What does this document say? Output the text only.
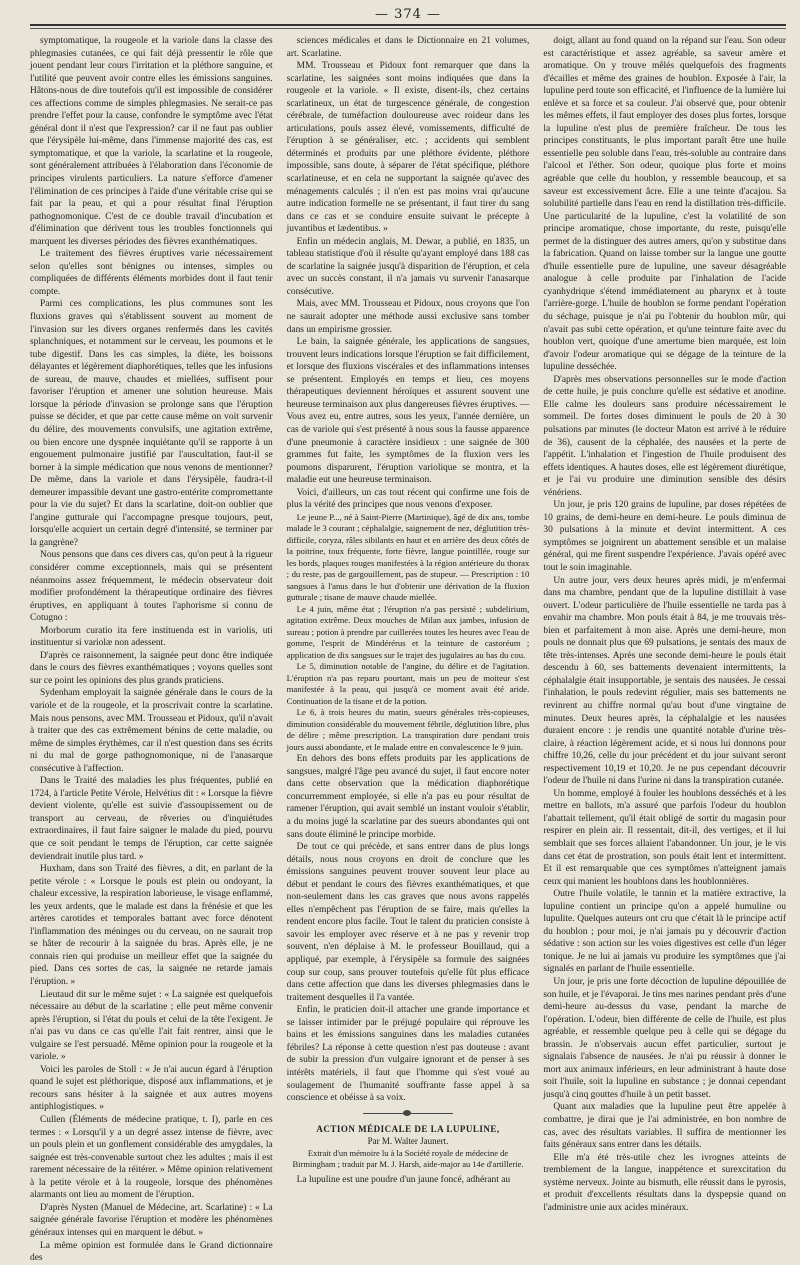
— 374 —

symptomatique, la rougeole et la variole dans la classe des phlegmasies cutanées, ce qui fait déjà pressentir le rôle que jouent pendant leur cours l'irritation et la pléthore sanguine, et l'utilité que peuvent avoir contre elles les émissions sanguines. Hâtons-nous de dire toutefois qu'il est impossible de considérer ces affections comme de simples phlegmasies. Ne serait-ce pas prendre l'effet pour la cause, confondre le symptôme avec l'état général dont il n'est que l'expression? car il ne faut pas oublier que l'érysipèle lui-même, dans l'immense majorité des cas, est symptomatique, et que la variole, la scarlatine et la rougeole, sont généralement attribuées à l'élaboration dans l'économie de principes virulents particuliers. La nature s'efforce d'amener l'élimination de ces principes à l'aide d'une véritable crise qui se fait par la peau, et qui a pour résultat final l'éruption pathognomonique. C'est de ce double travail d'incubation et d'élimination que dérivent tous les troubles fonctionnels qui marquent les diverses périodes des fièvres exanthématiques.

Le traitement des fièvres éruptives varie nécessairement selon qu'elles sont bénignes ou intenses, simples ou compliquées de différents éléments morbides dont il faut tenir compte.

Parmi ces complications, les plus communes sont les fluxions graves qui s'établissent souvent au moment de l'invasion sur les divers organes renfermés dans les cavités splanchniques, et notamment sur le cerveau, les poumons et le tube digestif. Dans les cas simples, la diète, les boissons délayantes et légèrement diaphorétiques, telles que les infusions de sureau, de mauve, chaudes et miellées, suffisent pour favoriser l'éruption et amener une solution heureuse. Mais lorsque la période d'invasion se prolonge sans que l'éruption puisse se décider, et que par cette cause même on voit survenir du délire, des mouvements convulsifs, une agitation extrême, ou bien encore une dyspnée inquiétante qu'il se rapporte à un engouement pulmonaire justifié par l'auscultation, faut-il se borner à la simple médication que nous venons de mentionner? De même, dans la variole et dans l'érysipèle, faudra-t-il demeurer impassible devant une gastro-entérite compromettante pour la vie du sujet? Et dans la scarlatine, doit-on oublier que l'angine gutturale qui l'accompagne presque toujours, peut, lorsqu'elle acquiert un certain degré d'intensité, se terminer par la gangrène?

Nous pensons que dans ces divers cas, qu'on peut à la rigueur considérer comme exceptionnels, mais qui se présentent néanmoins assez fréquemment, le médecin observateur doit modifier profondément la thérapeutique ordinaire des fièvres éruptives, en appliquant à toutes l'aphorisme si connu de Cotugno :

Morborum curatio ita fere instituenda est in variolis, uti instituentur si variolæ non adessent.

D'après ce raisonnement, la saignée peut donc être indiquée dans le cours des fièvres exanthématiques ; voyons quelles sont sur ce point les opinions des plus grands praticiens.

Sydenham employait la saignée générale dans le cours de la variole et de la rougeole, et la proscrivait contre la scarlatine. Mais nous pensons, avec MM. Trousseau et Pidoux, qu'il n'avait à traiter que des cas extrêmement bénins de cette maladie, ou même de simples érythèmes, car il n'est question dans ses écrits ni du mal de gorge pathognomonique, ni de l'anasarque consécutive à l'affection.

Dans le Traité des maladies les plus fréquentes, publié en 1724, à l'article Petite Vérole, Helvétius dit : « Lorsque la fièvre devient violente, qu'elle est suivie d'assoupissement ou de transport au cerveau, de rêveries ou d'inquiétudes extraordinaires, il faut faire saigner le malade du pied, pourvu que ce soit pendant le temps de l'éruption, car cette saignée deviendrait inutile plus tard. »

Huxham, dans son Traité des fièvres, a dit, en parlant de la petite vérole : « Lorsque le pouls est plein ou ondoyant, la chaleur excessive, la respiration laborieuse, le visage enflammé, les yeux ardents, que le malade est dans la frénésie et que les artères carotides et temporales battant avec force dénotent l'inflammation des méninges ou du cerveau, on ne saurait trop se hâter de recourir à la saignée du bras. Après elle, je ne connais rien qui produise un meilleur effet que la saignée du pied. Dans ces sortes de cas, la saignée ne retarde jamais l'éruption. »

Lieutaud dit sur le même sujet : « La saignée est quelquefois nécessaire au début de la scarlatine ; elle peut même convenir après l'éruption, si l'état du pouls et celui de la tête l'exigent. Je n'ai pas vu dans ce cas qu'elle l'ait fait rentrer, ainsi que le vulgaire se l'est persuadé. Même opinion pour la rougeole et la variole. »

Voici les paroles de Stoll : « Je n'ai aucun égard à l'éruption quand le sujet est pléthorique, disposé aux inflammations, et je recours sans hésiter à la saignée et aux autres moyens antiphlogistiques. »

Cullen (Éléments de médecine pratique, t. I), parle en ces termes : « Lorsqu'il y a un degré assez intense de fièvre, avec un pouls plein et un gonflement considérable des amygdales, la saignée est très-convenable surtout chez les adultes ; mais il est rarement nécessaire de la réitérer. » Même opinion relativement à la petite vérole et à la rougeole, lorsque des phénomènes alarmants ont lieu au moment de l'éruption.

D'après Nysten (Manuel de Médecine, art. Scarlatine) : « La saignée générale favorise l'éruption et modère les phénomènes généraux intenses qui en marquent le début. »

La même opinion est formulée dans le Grand dictionnaire des

sciences médicales et dans le Dictionnaire en 21 volumes, art. Scarlatine.

MM. Trousseau et Pidoux font remarquer que dans la scarlatine, les saignées sont moins indiquées que dans la rougeole et la variole. « Il existe, disent-ils, chez certains scarlatineux, un état de turgescence générale, de congestion cérébrale, de tuméfaction douloureuse avec roideur dans les articulations, pouls assez élevé, vomissements, difficulté de l'éruption à se généraliser, etc. ; accidents qui semblent déterminés et produits par une pléthore évidente, pléthore impossible, sans doute, à séparer de l'état spécifique, pléthore scarlatineuse, et en cela ne supportant la saignée qu'avec des ménagements calculés ; il n'en est pas moins vrai qu'aucune autre indication formelle ne se présentant, il faut tirer du sang dans ce cas et se conduire ensuite suivant le précepte à juvantibus et lædentibus. »

Enfin un médecin anglais, M. Dewar, a publié, en 1835, un tableau statistique d'où il résulte qu'ayant employé dans 188 cas de scarlatine la saignée jusqu'à disparition de l'éruption, et cela avec un succès constant, il n'a jamais vu survenir l'anasarque consécutive.

Mais, avec MM. Trousseau et Pidoux, nous croyons que l'on ne saurait adopter une méthode aussi exclusive sans tomber dans un empirisme grossier.

Le bain, la saignée générale, les applications de sangsues, trouvent leurs indications lorsque l'éruption se fait difficilement, et lorsque des fluxions viscérales et des inflammations intenses se présentent. Employés en temps et lieu, ces moyens thérapeutiques deviennent héroïques et assurent souvent une heureuse terminaison aux plus dangereuses fièvres éruptives. — Vous avez eu, entre autres, sous les yeux, l'année dernière, un cas de variole qui s'est présenté à nous sous la fausse apparence d'une pneumonie à caractère insidieux : une saignée de 300 grammes fut faite, les symptômes de la fluxion vers les poumons disparurent, l'éruption variolique se montra, et la maladie eut une heureuse terminaison.

Voici, d'ailleurs, un cas tout récent qui confirme une fois de plus la vérité des principes que nous venons d'exposer.

Le jeune P..., né à Saint-Pierre (Martinique), âgé de dix ans, tombe malade le 3 courant ; céphalalgie, saignement de nez, déglutition très-difficile, coryza, râles sibilants en haut et en arrière des deux côtés de la poitrine, toux fréquente, forte fièvre, langue pointillée, rouge sur les bords, plaques rouges manifestées à la région antérieure du thorax ; du reste, pas de gargouillement, pas de stupeur. — Prescription : 10 sangsues à l'anus dans le but d'obtenir une dérivation de la fluxion gutturale ; tisane de mauve chaude miellée.

Le 4 juin, même état ; l'éruption n'a pas persisté ; subdelirium, agitation extrême. Deux mouches de Milan aux jambes, infusion de sureau ; potion à prendre par cuillerées toutes les heures avec l'eau de gomme, l'esprit de Mindérérus et la teinture de castoréum ; application de dix sangsues sur le trajet des jugulaires au bas du cou.

Le 5, diminution notable de l'angine, du délire et de l'agitation. L'éruption n'a pas reparu pourtant, mais un peu de moiteur s'est manifestée à la peau, qui jusqu'à ce moment avait été aride. Continuation de la tisane et de la potion.

Le 6, à trois heures du matin, sueurs générales très-copieuses, diminution considérable du mouvement fébrile, déglutition libre, plus de délire ; même prescription. La transpiration dure pendant trois jours aussi abondante, et le malade entre en convalescence le 9 juin.

En dehors des bons effets produits par les applications de sangsues, malgré l'âge peu avancé du sujet, il faut encore noter dans cette observation que la médication diaphorétique concurremment employée, si elle n'a pas eu pour résultat de ramener l'éruption, qui avait semblé un instant vouloir s'établir, a du moins jugé la scarlatine par des sueurs abondantes qui ont sans doute éliminé le principe morbide.

De tout ce qui précède, et sans entrer dans de plus longs détails, nous nous croyons en droit de conclure que les émissions sanguines peuvent trouver souvent leur place au début et pendant le cours des fièvres exanthématiques, et que non-seulement dans les cas graves que nous avons rappelés elles n'empêchent pas l'éruption de se faire, mais qu'elles la rendent encore plus facile. Tout le talent du praticien consiste à savoir les employer avec réserve et à ne pas y revenir trop souvent, n'en déplaise à M. le professeur Bouillaud, qui a appliqué, par exemple, à l'érysipèle sa formule des saignées coup sur coup, sans prouver toutefois qu'elle fût plus efficace dans cette affection que dans les diverses phlegmasies dans le traitement desquelles il l'a vantée.

Enfin, le praticien doit-il attacher une grande importance et se laisser intimider par le préjugé populaire qui réprouve les bains et les émissions sanguines dans les maladies cutanées fébriles? La réponse à cette question n'est pas douteuse : avant de subir la pression d'un vulgaire ignorant et de penser à ses intérêts matériels, il faut que l'homme qui s'est voué au soulagement de l'humanité souffrante fasse appel à sa conscience et obéisse à sa voix.

ACTION MÉDICALE DE LA LUPULINE,

Par M. Walter Jaunert.

Extrait d'un mémoire lu à la Société royale de médecine de Birmingham ; traduit par M. J. Harsh, aide-major au 14e d'artillerie.

La lupuline est une poudre d'un jaune foncé, adhérant au

doigt, allant au fond quand on la répand sur l'eau. Son odeur est caractéristique et assez agréable, sa saveur amère et aromatique. On y trouve mêlés quelquefois des fragments d'écailles et même des graines de houblon. Exposée à l'air, la lupuline perd toute son efficacité, et l'influence de la lumière lui enlève et sa force et sa couleur. J'ai observé que, pour obtenir les mêmes effets, il faut employer des doses plus fortes, lorsque la lupuline n'est plus de première fraîcheur. De tous les principes constituants, le plus important paraît être une huile essentielle peu soluble dans l'eau, très-soluble au contraire dans l'alcool et l'éther. Son odeur, quoique plus forte et moins agréable que celle du houblon, y ressemble beaucoup, et sa saveur est excessivement âcre. Elle a une teinte d'acajou. Sa solubilité partielle dans l'eau en rend la distillation très-difficile. Une particularité de la lupuline, c'est la volatilité de son principe aromatique, chose importante, du reste, puisqu'elle permet de la distinguer des autres amers, qu'on y substitue dans la fabrication. Quand on laisse tomber sur la langue une goutte d'huile essentielle pure de lupuline, une saveur désagréable analogue à celle produite par l'inhalation de l'acide cyanhydrique s'étend immédiatement au pharynx et à toute l'arrière-gorge. L'huile de houblon se forme pendant l'opération du séchage, puisque je n'ai pu l'obtenir du houblon mûr, qui n'avait pas subi cette opération, et qu'une teinture faite avec du houblon vert, quoique d'une amertume bien marquée, est loin d'avoir l'odeur aromatique qui se dégage de la teinture de la lupuline desséchée.

D'après mes observations personnelles sur le mode d'action de cette huile, je puis conclure qu'elle est sédative et anodine. Elle calme les douleurs sans produire nécessairement le sommeil. De fortes doses diminuent le pouls de 20 à 30 pulsations par minutes (le docteur Maton est arrivé à le réduire de 36), causent de la céphalée, des nausées et la perte de l'appétit. L'inhalation et l'ingestion de l'huile produisent des effets identiques. A hautes doses, elle est légèrement diurétique, et je l'ai vu produire une diminution sensible des désirs vénériens.

Un jour, je pris 120 grains de lupuline, par doses répétées de 10 grains, de demi-heure en demi-heure. Le pouls diminua de 30 pulsations à la minute et devint intermittent. A ces symptômes se joignirent un abattement sensible et un malaise général, qui me firent suspendre l'expérience. J'avais opéré avec tout le soin imaginable.

Un autre jour, vers deux heures après midi, je m'enfermai dans ma chambre, pendant que de la lupuline distillait à vase ouvert. L'odeur particulière de l'huile essentielle ne tarda pas à envahir ma chambre. Mon pouls était à 84, je me trouvais très-bien et parfaitement à mon aise. Après une demi-heure, mon pouls ne donnait plus que 69 pulsations, je sentais des maux de tête très-intenses. Après une seconde demi-heure le pouls était descendu à 60, ses battements devenaient intermittents, la céphalalgie était insupportable, je sentais des nausées. Je cessai l'inhalation, le pouls redevint régulier, mais ses battements ne revinrent au chiffre normal qu'au bout d'une vingtaine de minutes. Deux heures après, la céphalalgie et les nausées duraient encore : je rendis une quantité notable d'urine très-claire, à réaction légèrement acide, et si nous lui donnons pour chiffre 10,26, celle du jour précédent et du jour suivant seront respectivement 10,19 et 10,20. Je ne pus cependant découvrir l'odeur de l'huile ni dans l'urine ni dans la transpiration cutanée.

Un homme, employé à fouler les houblons desséchés et à les mettre en ballots, m'a assuré que parfois l'odeur du houblon l'abattait tellement, qu'il était obligé de sortir du magasin pour respirer en plein air. Il ressentait, dit-il, des vertiges, et il lui semblait que ses forces allaient l'abandonner. Un jour, je le vis dans cet état de prostration, son pouls était lent et intermittent. Et il est remarquable que ces symptômes n'atteignent jamais ceux qui manient les houblons dans les houblonnières.

Outre l'huile volatile, le tannin et la matière extractive, la lupuline contient un principe qu'on a appelé humuline ou lupulite. Quelques auteurs ont cru que c'était là le principe actif du houblon ; pour moi, je n'ai jamais pu y découvrir d'action sédative : son action sur les voies digestives est celle d'un léger tonique. Je ne lui ai jamais vu produire les symptômes que j'ai signalés en parlant de l'huile essentielle.

Un jour, je pris une forte décoction de lupuline dépouillée de son huile, et je l'évaporai. Je tins mes narines pendant près d'une demi-heure au-dessus du vase, pendant la marche de l'opération. L'odeur, bien différente de celle de l'huile, est plus agréable, et ressemble quelque peu à celle qui se dégage du brassin. Je n'observais aucun effet particulier, surtout je signalais l'absence de nausées. Je n'ai pu réussir à donner le mort aux animaux inférieurs, en leur administrant à haute dose soit l'huile, soit la lupuline en substance ; je donnai cependant jusqu'à cinq gouttes d'huile à un petit basset.

Quant aux maladies que la lupuline peut être appelée à combattre, je dirai que je l'ai administrée, en bon nombre de cas, avec des résultats variables. Il suffira de mentionner les faits généraux sans entrer dans les détails.

Elle m'a été très-utile chez les ivrognes atteints de tremblement de la langue, inappétence et surexcitation du système nerveux. Jointe au bismuth, elle réussit dans le pyrosis, et produit d'excellents résultats dans la dyspepsie quand on l'administre unie aux acides minéraux.
